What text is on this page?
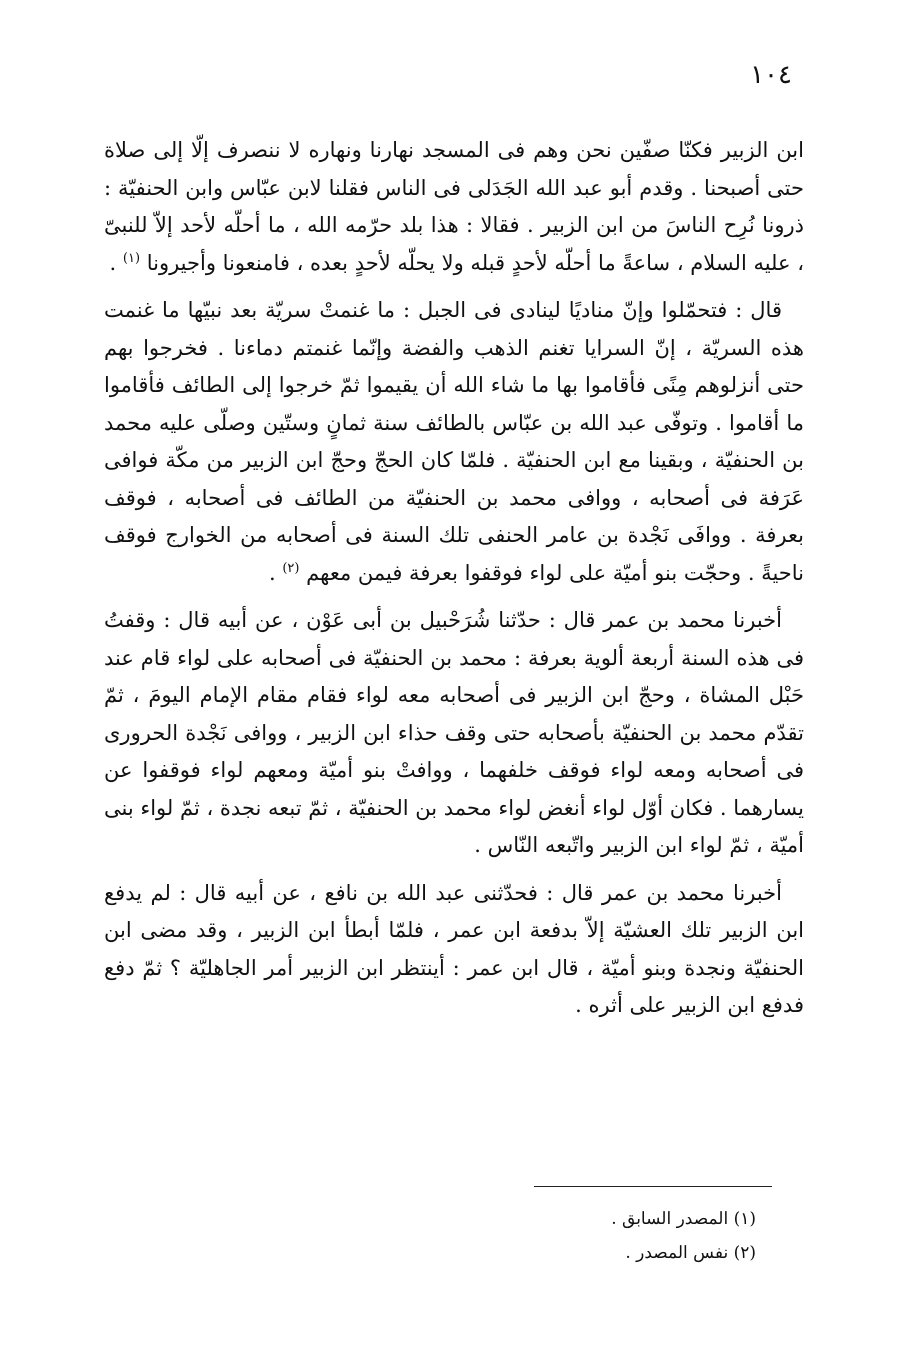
١٠٤

ابن الزبير فكنّا صفّين نحن وهم فى المسجد نهارنا ونهاره لا ننصرف إلّا إلى صلاة حتى أصبحنا . وقدم أبو عبد الله الجَدَلى فى الناس فقلنا لابن عبّاس وابن الحنفيّة : ذرونا نُرِح الناسَ من ابن الزبير . فقالا : هذا بلد حرّمه الله ، ما أحلّه لأحد إلاّ للنبىّ ، عليه السلام ، ساعةً ما أحلّه لأحدٍ قبله ولا يحلّه لأحدٍ بعده ، فامنعونا وأجيرونا $^{(١)}$ .

قال : فتحمّلوا وإنّ مناديًا لينادى فى الجبل : ما غنمتْ سريّة بعد نبيّها ما غنمت هذه السريّة ، إنّ السرايا تغنم الذهب والفضة وإنّما غنمتم دماءنا . فخرجوا بهم حتى أنزلوهم مِنًى فأقاموا بها ما شاء الله أن يقيموا ثمّ خرجوا إلى الطائف فأقاموا ما أقاموا . وتوفّى عبد الله بن عبّاس بالطائف سنة ثمانٍ وستّين وصلّى عليه محمد بن الحنفيّة ، وبقينا مع ابن الحنفيّة . فلمّا كان الحجّ وحجّ ابن الزبير من مكّة فوافى عَرَفة فى أصحابه ، ووافى محمد بن الحنفيّة من الطائف فى أصحابه ، فوقف بعرفة . ووافَى نَجْدة بن عامر الحنفى تلك السنة فى أصحابه من الخوارج فوقف ناحيةً . وحجّت بنو أميّة على لواء فوقفوا بعرفة فيمن معهم $^{(٢)}$ .

أخبرنا محمد بن عمر قال : حدّثنا شُرَحْبيل بن أبى عَوْن ، عن أبيه قال : وقفتُ فى هذه السنة أربعة ألوية بعرفة : محمد بن الحنفيّة فى أصحابه على لواء قام عند حَبْل المشاة ، وحجّ ابن الزبير فى أصحابه معه لواء فقام مقام الإمام اليومَ ، ثمّ تقدّم محمد بن الحنفيّة بأصحابه حتى وقف حذاء ابن الزبير ، ووافى نَجْدة الحرورى فى أصحابه ومعه لواء فوقف خلفهما ، ووافتْ بنو أميّة ومعهم لواء فوقفوا عن يسارهما . فكان أوّل لواء أنغض لواء محمد بن الحنفيّة ، ثمّ تبعه نجدة ، ثمّ لواء بنى أميّة ، ثمّ لواء ابن الزبير واتّبعه النّاس .

أخبرنا محمد بن عمر قال : فحدّثنى عبد الله بن نافع ، عن أبيه قال : لم يدفع ابن الزبير تلك العشيّة إلاّ بدفعة ابن عمر ، فلمّا أبطأ ابن الزبير ، وقد مضى ابن الحنفيّة ونجدة وبنو أميّة ، قال ابن عمر : أينتظر ابن الزبير أمر الجاهليّة ؟ ثمّ دفع فدفع ابن الزبير على أثره .

(١) المصدر السابق .

(٢) نفس المصدر .
